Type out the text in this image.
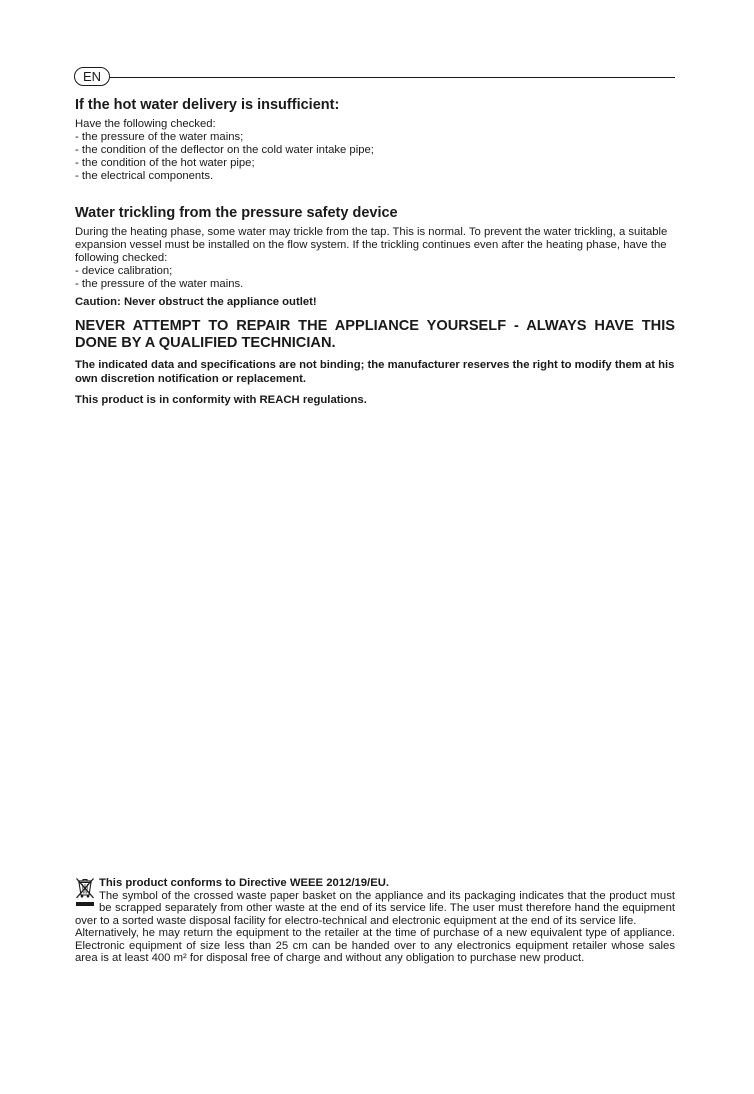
EN
If the hot water delivery is insufficient:

Have the following checked:

- the pressure of the water mains;

- the condition of the deflector on the cold water intake pipe;

- the condition of the hot water pipe;

- the electrical components.

Water trickling from the pressure safety device

During the heating phase, some water may trickle from the tap. This is normal. To prevent the water trickling, a suitable expansion vessel must be installed on the flow system. If the trickling continues even after the heating phase, have the following checked:

- device calibration;

- the pressure of the water mains.

Caution: Never obstruct the appliance outlet!

NEVER ATTEMPT TO REPAIR THE APPLIANCE YOURSELF - ALWAYS HAVE THIS DONE BY A QUALIFIED TECHNICIAN.

The indicated data and specifications are not binding; the manufacturer reserves the right to modify them at his own discretion notification or replacement.

This product is in conformity with REACH regulations.

This product conforms to Directive WEEE 2012/19/EU.

The symbol of the crossed waste paper basket on the appliance and its packaging indicates that the product must be scrapped separately from other waste at the end of its service life. The user must therefore hand the equipment over to a sorted waste disposal facility for electro-technical and electronic equipment at the end of its service life.

Alternatively, he may return the equipment to the retailer at the time of purchase of a new equivalent type of appliance. Electronic equipment of size less than 25 cm can be handed over to any electronics equipment retailer whose sales area is at least 400 m² for disposal free of charge and without any obligation to purchase new product.
